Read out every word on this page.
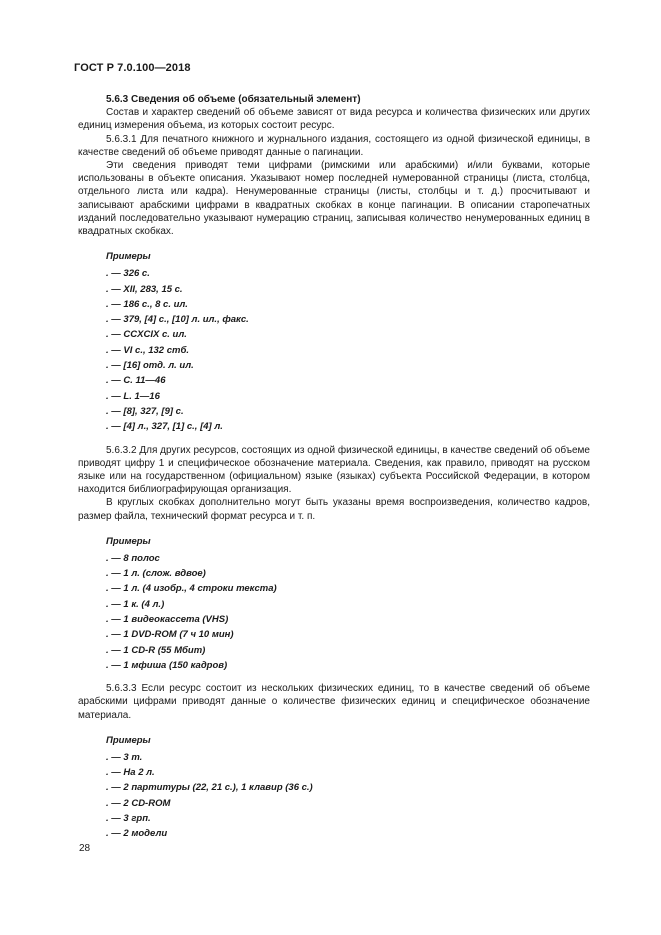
ГОСТ Р 7.0.100—2018

5.6.3 Сведения об объеме (обязательный элемент)

Состав и характер сведений об объеме зависят от вида ресурса и количества физических или других единиц измерения объема, из которых состоит ресурс.

5.6.3.1 Для печатного книжного и журнального издания, состоящего из одной физической единицы, в качестве сведений об объеме приводят данные о пагинации.

Эти сведения приводят теми цифрами (римскими или арабскими) и/или буквами, которые использованы в объекте описания. Указывают номер последней нумерованной страницы (листа, столбца, отдельного листа или кадра). Ненумерованные страницы (листы, столбцы и т. д.) просчитывают и записывают арабскими цифрами в квадратных скобках в конце пагинации. В описании старопечатных изданий последовательно указывают нумерацию страниц, записывая количество ненумерованных единиц в квадратных скобках.

Примеры

. — 326 с.

. — XII, 283, 15 с.

. — 186 с., 8 с. ил.

. — 379, [4] с., [10] л. ил., факс.

. — CCXCIX с. ил.

. — VI с., 132 стб.

. — [16] отд. л. ил.

. — С. 11—46

. — L. 1—16

. — [8], 327, [9] с.

. — [4] л., 327, [1] с., [4] л.

5.6.3.2 Для других ресурсов, состоящих из одной физической единицы, в качестве сведений об объеме приводят цифру 1 и специфическое обозначение материала. Сведения, как правило, приводят на русском языке или на государственном (официальном) языке (языках) субъекта Российской Федерации, в котором находится библиографирующая организация.

В круглых скобках дополнительно могут быть указаны время воспроизведения, количество кадров, размер файла, технический формат ресурса и т. п.

Примеры

. — 8 полос

. — 1 л. (слож. вдвое)

. — 1 л. (4 изобр., 4 строки текста)

. — 1 к. (4 л.)

. — 1 видеокассета (VHS)

. — 1 DVD-ROM (7 ч 10 мин)

. — 1 CD-R (55 Мбит)

. — 1 мфиша (150 кадров)

5.6.3.3 Если ресурс состоит из нескольких физических единиц, то в качестве сведений об объеме арабскими цифрами приводят данные о количестве физических единиц и специфическое обозначение материала.

Примеры

. — 3 т.

. — На 2 л.

. — 2 партитуры (22, 21 с.), 1 клавир (36 с.)

. — 2 CD-ROM

. — 3 грп.

. — 2 модели

28
